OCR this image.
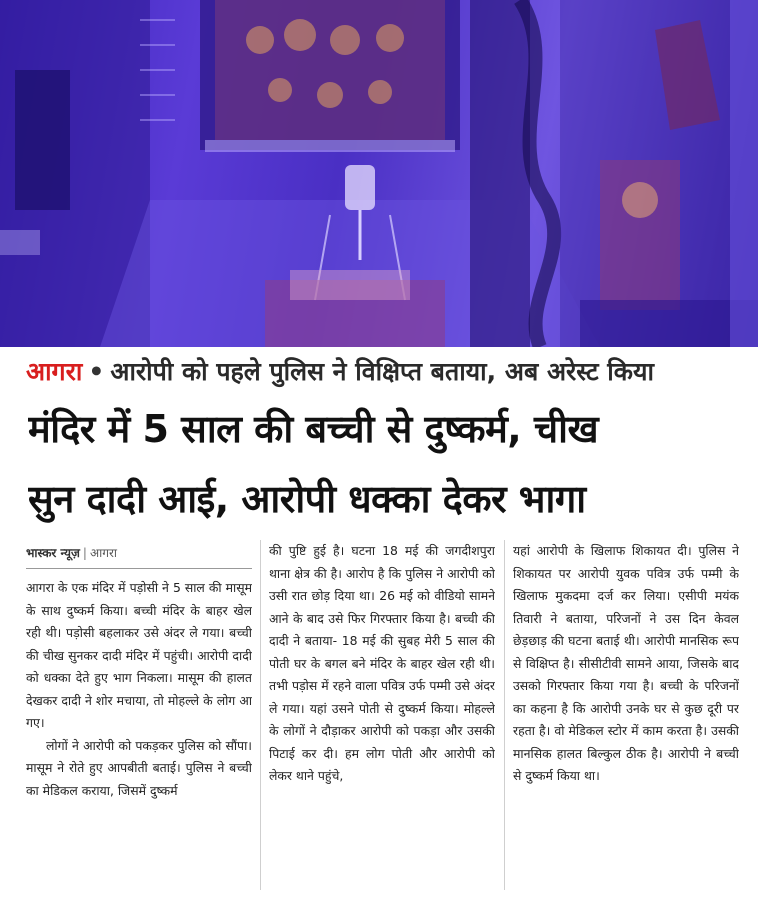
आगरा • आरोपी को पहले पुलिस ने विक्षिप्त बताया, अब अरेस्ट किया
मंदिर में 5 साल की बच्ची से दुष्कर्म, चीख
सुन दादी आई, आरोपी धक्का देकर भागा
भास्कर न्यूज़ | आगरा

आगरा के एक मंदिर में पड़ोसी ने 5 साल की मासूम के साथ दुष्कर्म किया। बच्ची मंदिर के बाहर खेल रही थी। पड़ोसी बहलाकर उसे अंदर ले गया। बच्ची की चीख सुनकर दादी मंदिर में पहुंची। आरोपी दादी को धक्का देते हुए भाग निकला। मासूम की हालत देखकर दादी ने शोर मचाया, तो मोहल्ले के लोग आ गए।

लोगों ने आरोपी को पकड़कर पुलिस को सौंपा। मासूम ने रोते हुए आपबीती बताई। पुलिस ने बच्ची का मेडिकल कराया, जिसमें दुष्कर्म

की पुष्टि हुई है। घटना 18 मई की जगदीशपुरा थाना क्षेत्र की है। आरोप है कि पुलिस ने आरोपी को उसी रात छोड़ दिया था। 26 मई को वीडियो सामने आने के बाद उसे फिर गिरफ्तार किया है। बच्ची की दादी ने बताया- 18 मई की सुबह मेरी 5 साल की पोती घर के बगल बने मंदिर के बाहर खेल रही थी। तभी पड़ोस में रहने वाला पवित्र उर्फ पम्मी उसे अंदर ले गया। यहां उसने पोती से दुष्कर्म किया। मोहल्ले के लोगों ने दौड़ाकर आरोपी को पकड़ा और उसकी पिटाई कर दी। हम लोग पोती और आरोपी को लेकर थाने पहुंचे,

यहां आरोपी के खिलाफ शिकायत दी। पुलिस ने शिकायत पर आरोपी युवक पवित्र उर्फ पम्मी के खिलाफ मुकदमा दर्ज कर लिया। एसीपी मयंक तिवारी ने बताया, परिजनों ने उस दिन केवल छेड़छाड़ की घटना बताई थी। आरोपी मानसिक रूप से विक्षिप्त है। सीसीटीवी सामने आया, जिसके बाद उसको गिरफ्तार किया गया है। बच्ची के परिजनों का कहना है कि आरोपी उनके घर से कुछ दूरी पर रहता है। वो मेडिकल स्टोर में काम करता है। उसकी मानसिक हालत बिल्कुल ठीक है। आरोपी ने बच्ची से दुष्कर्म किया था।
